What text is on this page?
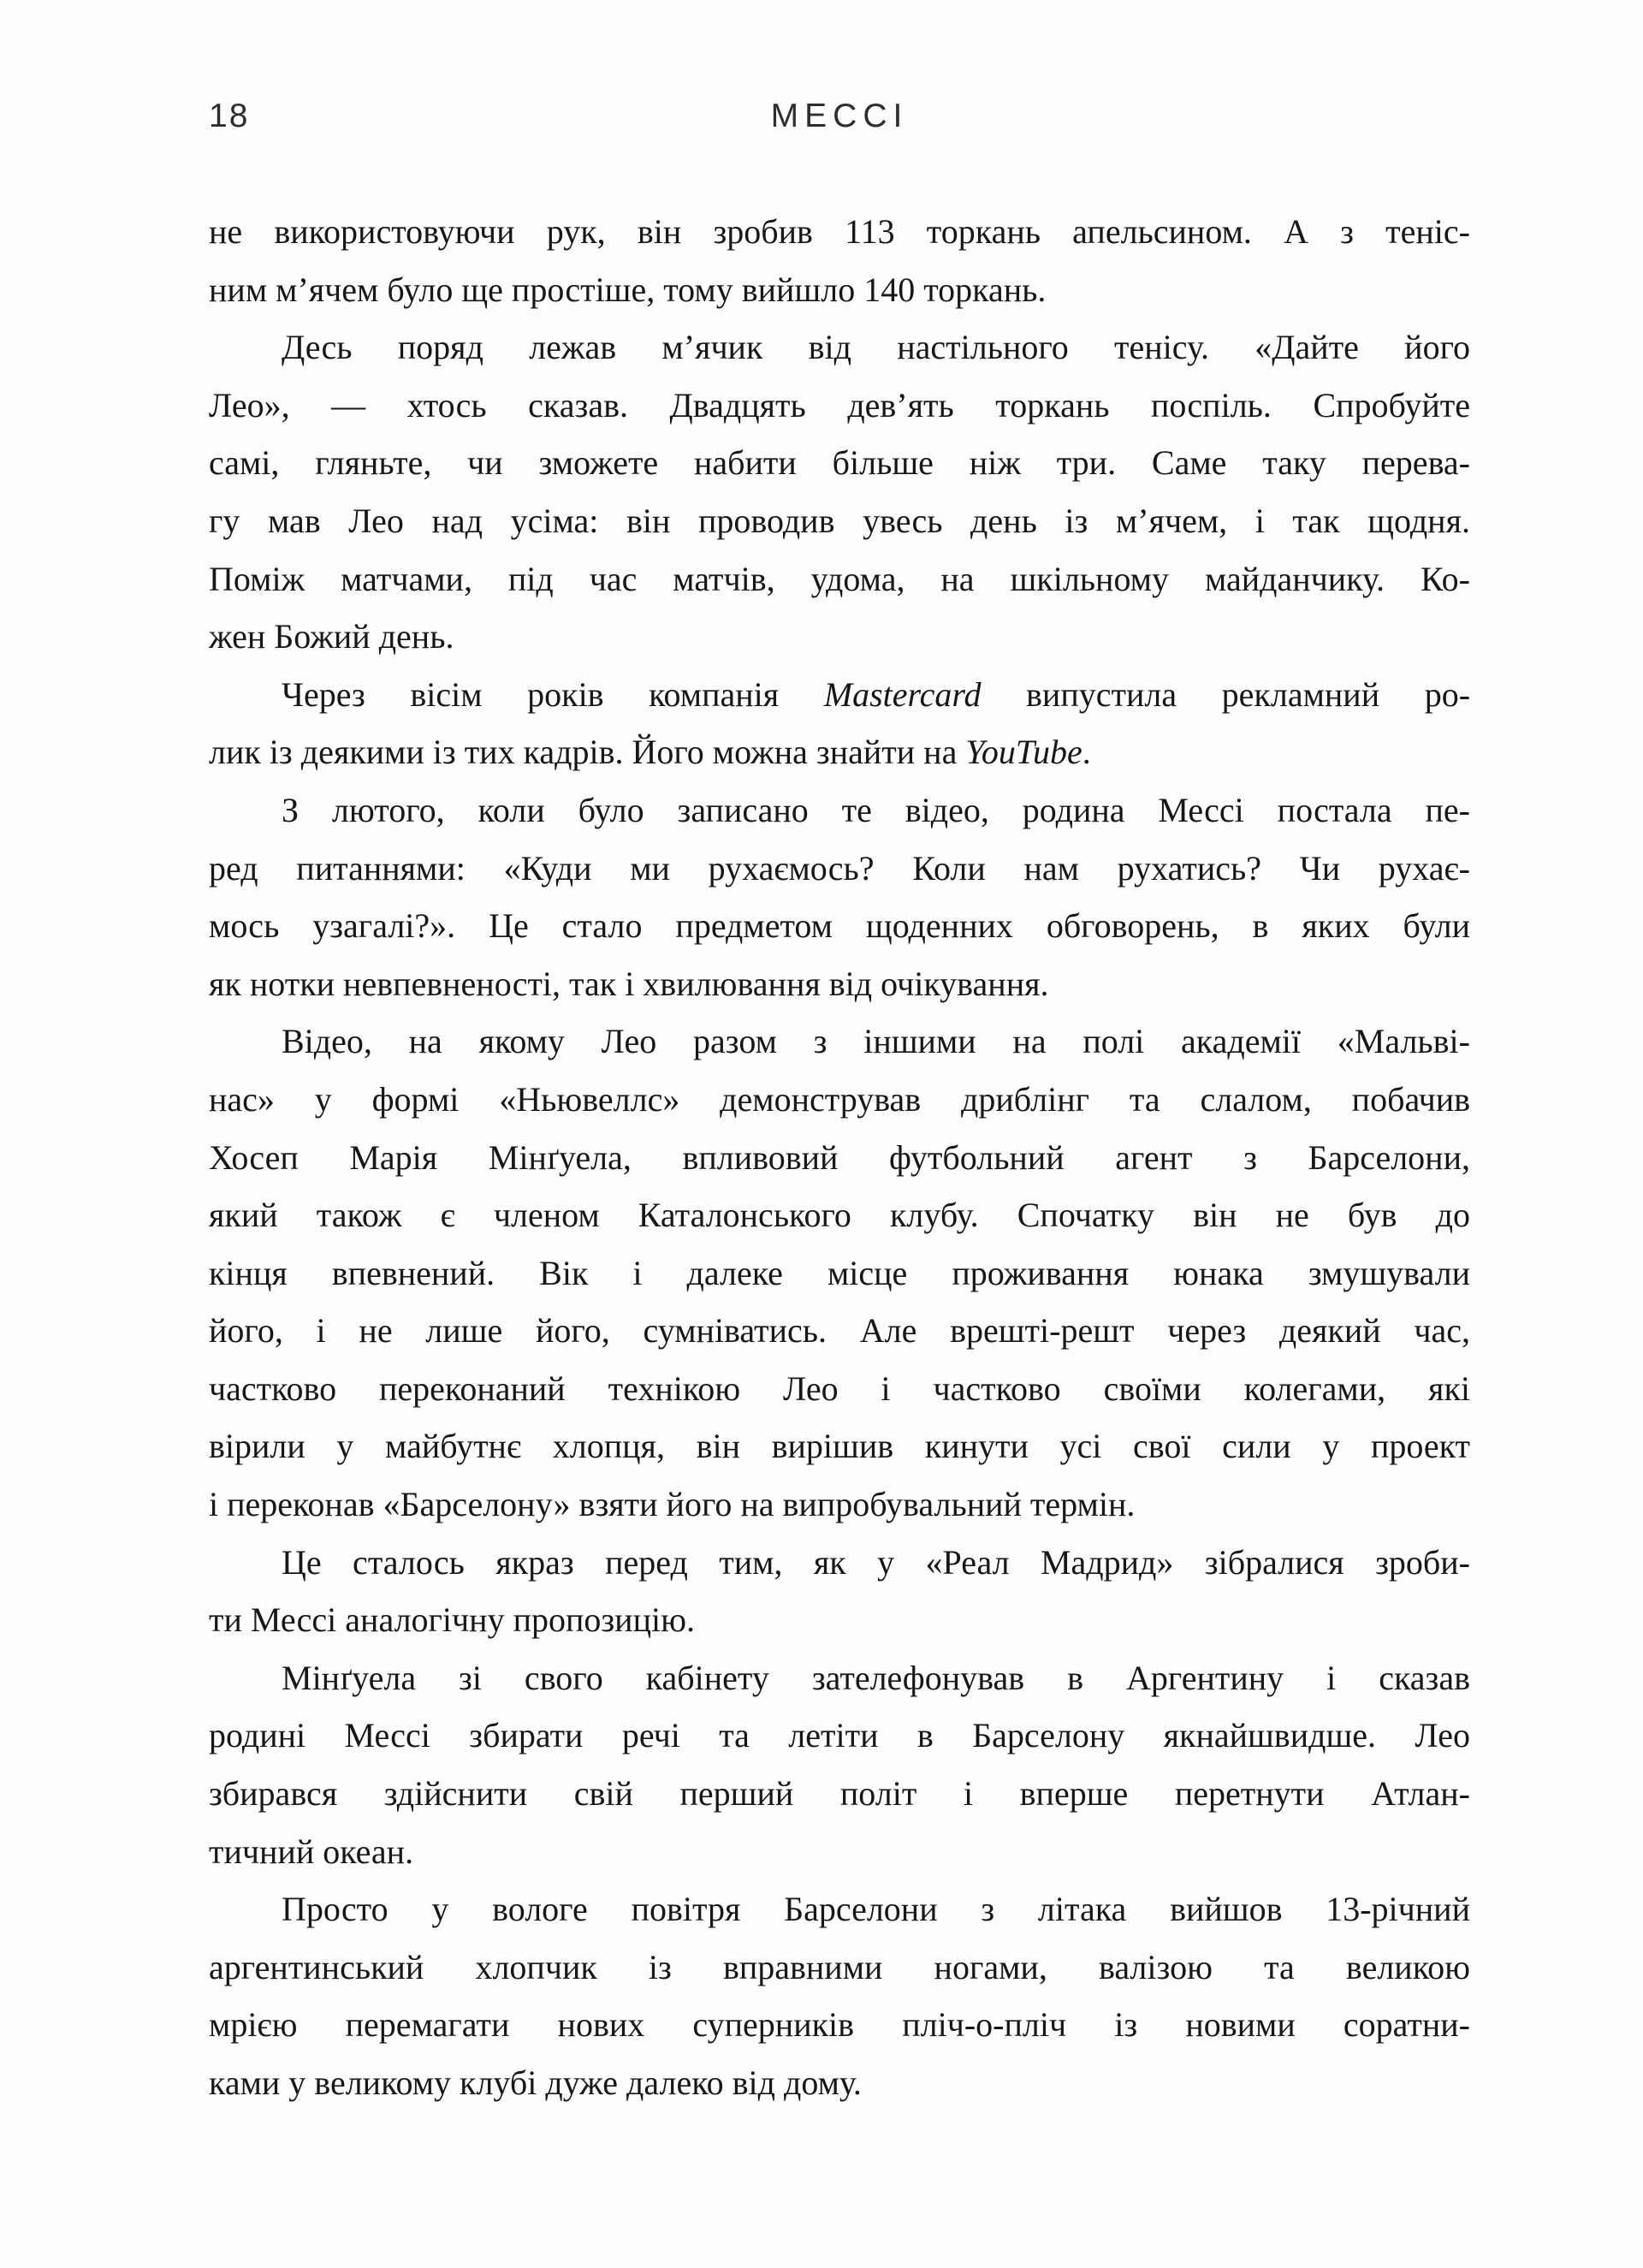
18	МЕССІ
не використовуючи рук, він зробив 113 торкань апельсином. А з теніс-
ним м’ячем було ще простіше, тому вийшло 140 торкань.
Десь поряд лежав м’ячик від настільного тенісу. «Дайте його
Лео», — хтось сказав. Двадцять дев’ять торкань поспіль. Спробуйте
самі, гляньте, чи зможете набити більше ніж три. Саме таку перева-
гу мав Лео над усіма: він проводив увесь день із м’ячем, і так щодня.
Поміж матчами, під час матчів, удома, на шкільному майданчику. Ко-
жен Божий день.
Через вісім років компанія Mastercard випустила рекламний ро-
лик із деякими із тих кадрів. Його можна знайти на YouTube.
З лютого, коли було записано те відео, родина Мессі постала пе-
ред питаннями: «Куди ми рухаємось? Коли нам рухатись? Чи рухає-
мось узагалі?». Це стало предметом щоденних обговорень, в яких були
як нотки невпевненості, так і хвилювання від очікування.
Відео, на якому Лео разом з іншими на полі академії «Мальві-
нас» у формі «Ньювеллс» демонстрував дриблінг та слалом, побачив
Хосеп Марія Мінґуела, впливовий футбольний агент з Барселони,
який також є членом Каталонського клубу. Спочатку він не був до
кінця впевнений. Вік і далеке місце проживання юнака змушували
його, і не лише його, сумніватись. Але врешті-решт через деякий час,
частково переконаний технікою Лео і частково своїми колегами, які
вірили у майбутнє хлопця, він вирішив кинути усі свої сили у проект
і переконав «Барселону» взяти його на випробувальний термін.
Це сталось якраз перед тим, як у «Реал Мадрид» зібралися зроби-
ти Мессі аналогічну пропозицію.
Мінґуела зі свого кабінету зателефонував в Аргентину і сказав
родині Мессі збирати речі та летіти в Барселону якнайшвидше. Лео
збирався здійснити свій перший політ і вперше перетнути Атлан-
тичний океан.
Просто у вологе повітря Барселони з літака вийшов 13-річний
аргентинський хлопчик із вправними ногами, валізою та великою
мрією перемагати нових суперників пліч-о-пліч із новими соратни-
ками у великому клубі дуже далеко від дому.
